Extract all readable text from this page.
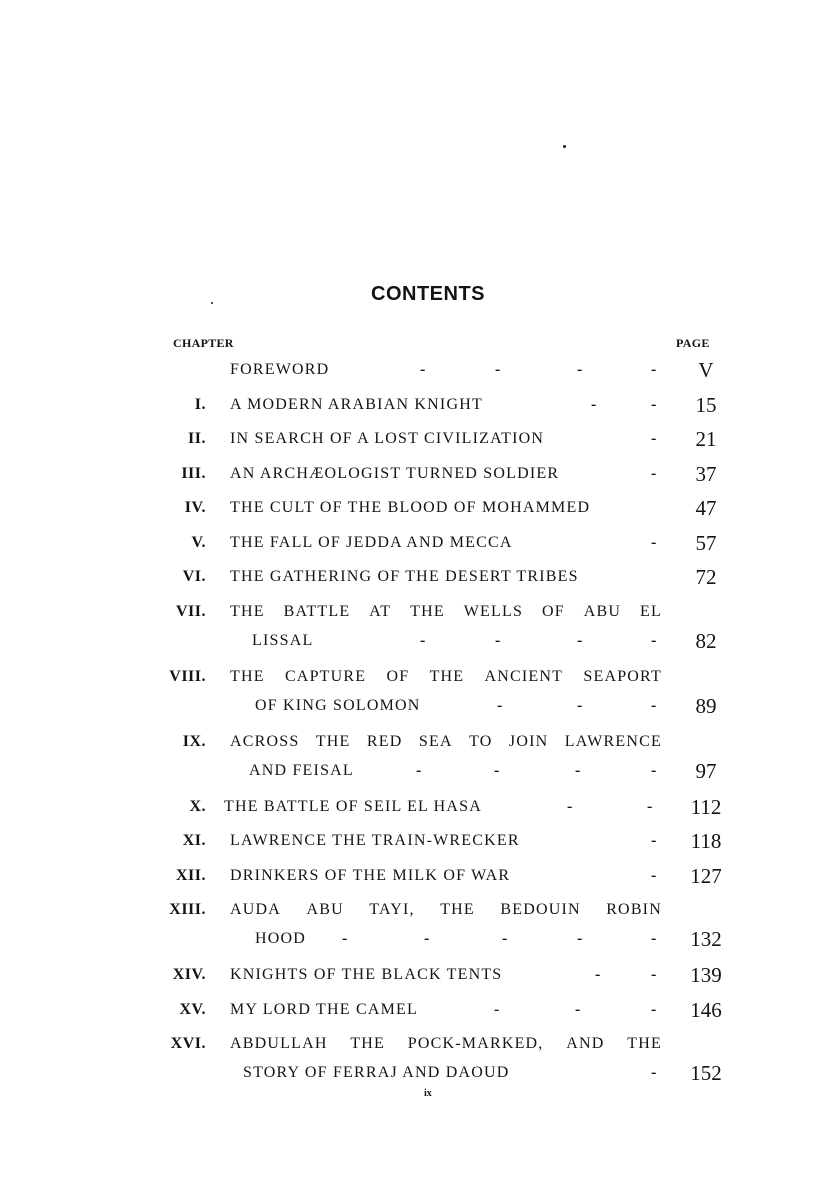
CONTENTS
CHAPTER	PAGE
FOREWORD	-	-	-	-	V
I. A MODERN ARABIAN KNIGHT	-	-	15
II. IN SEARCH OF A LOST CIVILIZATION	-	21
III. AN ARCHÆOLOGIST TURNED SOLDIER	-	37
IV. THE CULT OF THE BLOOD OF MOHAMMED	47
V. THE FALL OF JEDDA AND MECCA	-	57
VI. THE GATHERING OF THE DESERT TRIBES	72
VII. THE BATTLE AT THE WELLS OF ABU EL
LISSAL	-	-	-	-	82
VIII. THE CAPTURE OF THE ANCIENT SEAPORT
OF KING SOLOMON	-	-	-	89
IX. ACROSS THE RED SEA TO JOIN LAWRENCE
AND FEISAL	-	-	-	-	97
X. THE BATTLE OF SEIL EL HASA	-	- 112
XI. LAWRENCE THE TRAIN-WRECKER	- 118
XII. DRINKERS OF THE MILK OF WAR	- 127
XIII. AUDA ABU TAYI, THE BEDOUIN ROBIN
HOOD -	-	-	-	- 132
XIV. KNIGHTS OF THE BLACK TENTS	-	- 139
XV. MY LORD THE CAMEL	-	-	- 146
XVI. ABDULLAH THE POCK-MARKED, AND THE
STORY OF FERRAJ AND DAOUD	- 152
ix
